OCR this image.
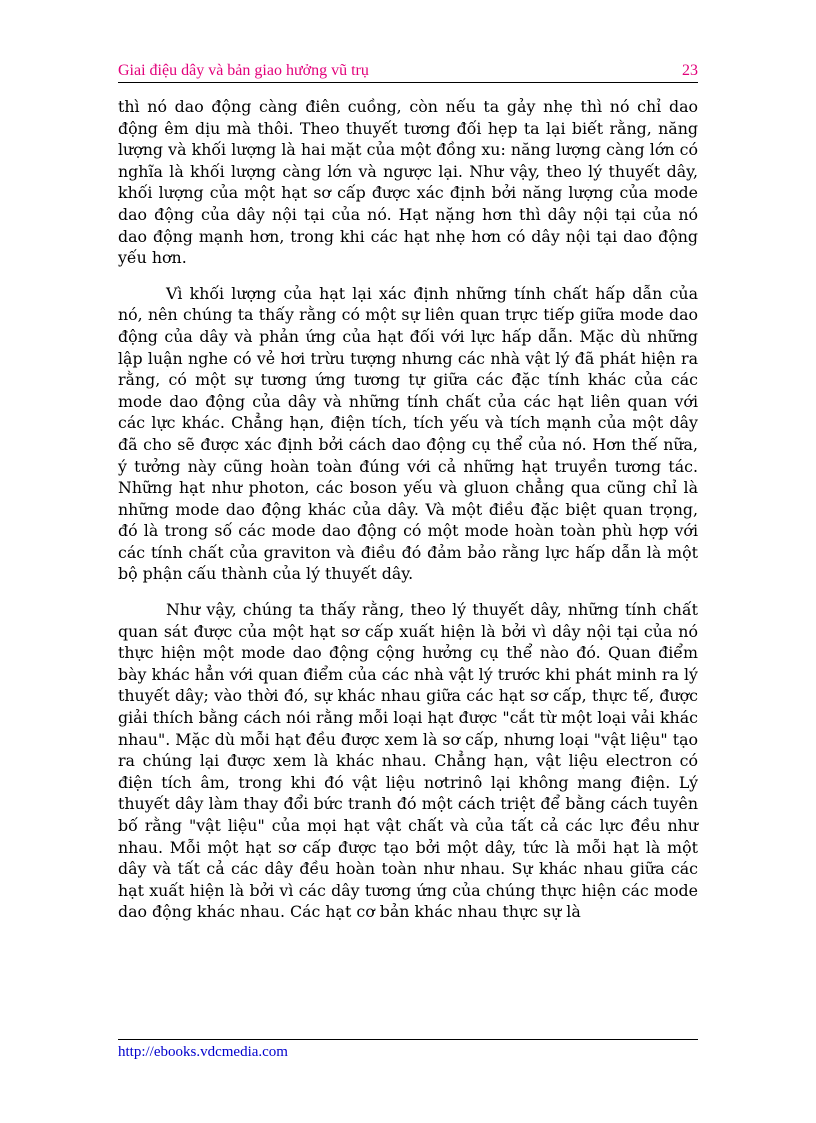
Giai điệu dây và bản giao hưởng vũ trụ	23

thì nó dao động càng điên cuồng, còn nếu ta gảy nhẹ thì nó chỉ dao động êm dịu mà thôi. Theo thuyết tương đối hẹp ta lại biết rằng, năng lượng và khối lượng là hai mặt của một đồng xu: năng lượng càng lớn có nghĩa là khối lượng càng lớn và ngược lại. Như vậy, theo lý thuyết dây, khối lượng của một hạt sơ cấp được xác định bởi năng lượng của mode dao động của dây nội tại của nó. Hạt nặng hơn thì dây nội tại của nó dao động mạnh hơn, trong khi các hạt nhẹ hơn có dây nội tại dao động yếu hơn.

Vì khối lượng của hạt lại xác định những tính chất hấp dẫn của nó, nên chúng ta thấy rằng có một sự liên quan trực tiếp giữa mode dao động của dây và phản ứng của hạt đối với lực hấp dẫn. Mặc dù những lập luận nghe có vẻ hơi trừu tượng nhưng các nhà vật lý đã phát hiện ra rằng, có một sự tương ứng tương tự giữa các đặc tính khác của các mode dao động của dây và những tính chất của các hạt liên quan với các lực khác. Chẳng hạn, điện tích, tích yếu và tích mạnh của một dây đã cho sẽ được xác định bởi cách dao động cụ thể của nó. Hơn thế nữa, ý tưởng này cũng hoàn toàn đúng với cả những hạt truyền tương tác. Những hạt như photon, các boson yếu và gluon chẳng qua cũng chỉ là những mode dao động khác của dây. Và một điều đặc biệt quan trọng, đó là trong số các mode dao động có một mode hoàn toàn phù hợp với các tính chất của graviton và điều đó đảm bảo rằng lực hấp dẫn là một bộ phận cấu thành của lý thuyết dây.

Như vậy, chúng ta thấy rằng, theo lý thuyết dây, những tính chất quan sát được của một hạt sơ cấp xuất hiện là bởi vì dây nội tại của nó thực hiện một mode dao động cộng hưởng cụ thể nào đó. Quan điểm bày khác hẳn với quan điểm của các nhà vật lý trước khi phát minh ra lý thuyết dây; vào thời đó, sự khác nhau giữa các hạt sơ cấp, thực tế, được giải thích bằng cách nói rằng mỗi loại hạt được "cắt từ một loại vải khác nhau". Mặc dù mỗi hạt đều được xem là sơ cấp, nhưng loại "vật liệu" tạo ra chúng lại được xem là khác nhau. Chẳng hạn, vật liệu electron có điện tích âm, trong khi đó vật liệu nơtrinô lại không mang điện. Lý thuyết dây làm thay đổi bức tranh đó một cách triệt để bằng cách tuyên bố rằng "vật liệu" của mọi hạt vật chất và của tất cả các lực đều như nhau. Mỗi một hạt sơ cấp được tạo bởi một dây, tức là mỗi hạt là một dây và tất cả các dây đều hoàn toàn như nhau. Sự khác nhau giữa các hạt xuất hiện là bởi vì các dây tương ứng của chúng thực hiện các mode dao động khác nhau. Các hạt cơ bản khác nhau thực sự là

http://ebooks.vdcmedia.com
